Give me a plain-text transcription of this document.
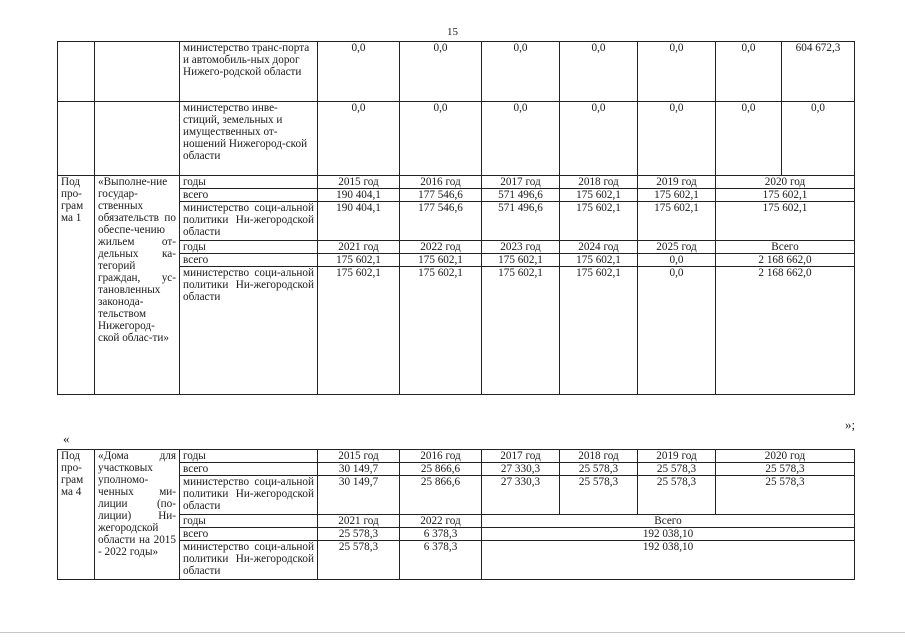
15
		министерство транс-порта и автомобиль-ных дорог Нижего-родской области	0,0	0,0	0,0	0,0	0,0	0,0	604 672,3
		министерство инве-стиций, земельных и имущественных от-ношений Нижегород-ской области	0,0	0,0	0,0	0,0	0,0	0,0	0,0
Под про-грам ма 1	«Выполне-ние государ-ственных обязательств по обеспе-чению жильем от-дельных ка-тегорий граждан, ус-тановленных законода-тельством Нижегород-ской облас-ти»	годы	2015 год	2016 год	2017 год	2018 год	2019 год	2020 год	
		всего	190 404,1	177 546,6	571 496,6	175 602,1	175 602,1	175 602,1	
		министерство соци-альной политики Ни-жегородской области	190 404,1	177 546,6	571 496,6	175 602,1	175 602,1	175 602,1	
		годы	2021 год	2022 год	2023 год	2024 год	2025 год	Всего	
		всего	175 602,1	175 602,1	175 602,1	175 602,1	0,0	2 168 662,0	
		министерство соци-альной политики Ни-жегородской области	175 602,1	175 602,1	175 602,1	175 602,1	0,0	2 168 662,0	
»;
«
Под про-грам ма 4	«Дома для участковых уполномо-ченных ми-лиции (по-лиции) Ни-жегородской области на 2015 - 2022 годы»	годы	2015 год	2016 год	2017 год	2018 год	2019 год	2020 год
		всего	30 149,7	25 866,6	27 330,3	25 578,3	25 578,3	25 578,3
		министерство соци-альной политики Ни-жегородской области	30 149,7	25 866,6	27 330,3	25 578,3	25 578,3	25 578,3
		годы	2021 год	2022 год	Всего			
		всего	25 578,3	6 378,3	192 038,10			
		министерство соци-альной политики Ни-жегородской области	25 578,3	6 378,3	192 038,10			
